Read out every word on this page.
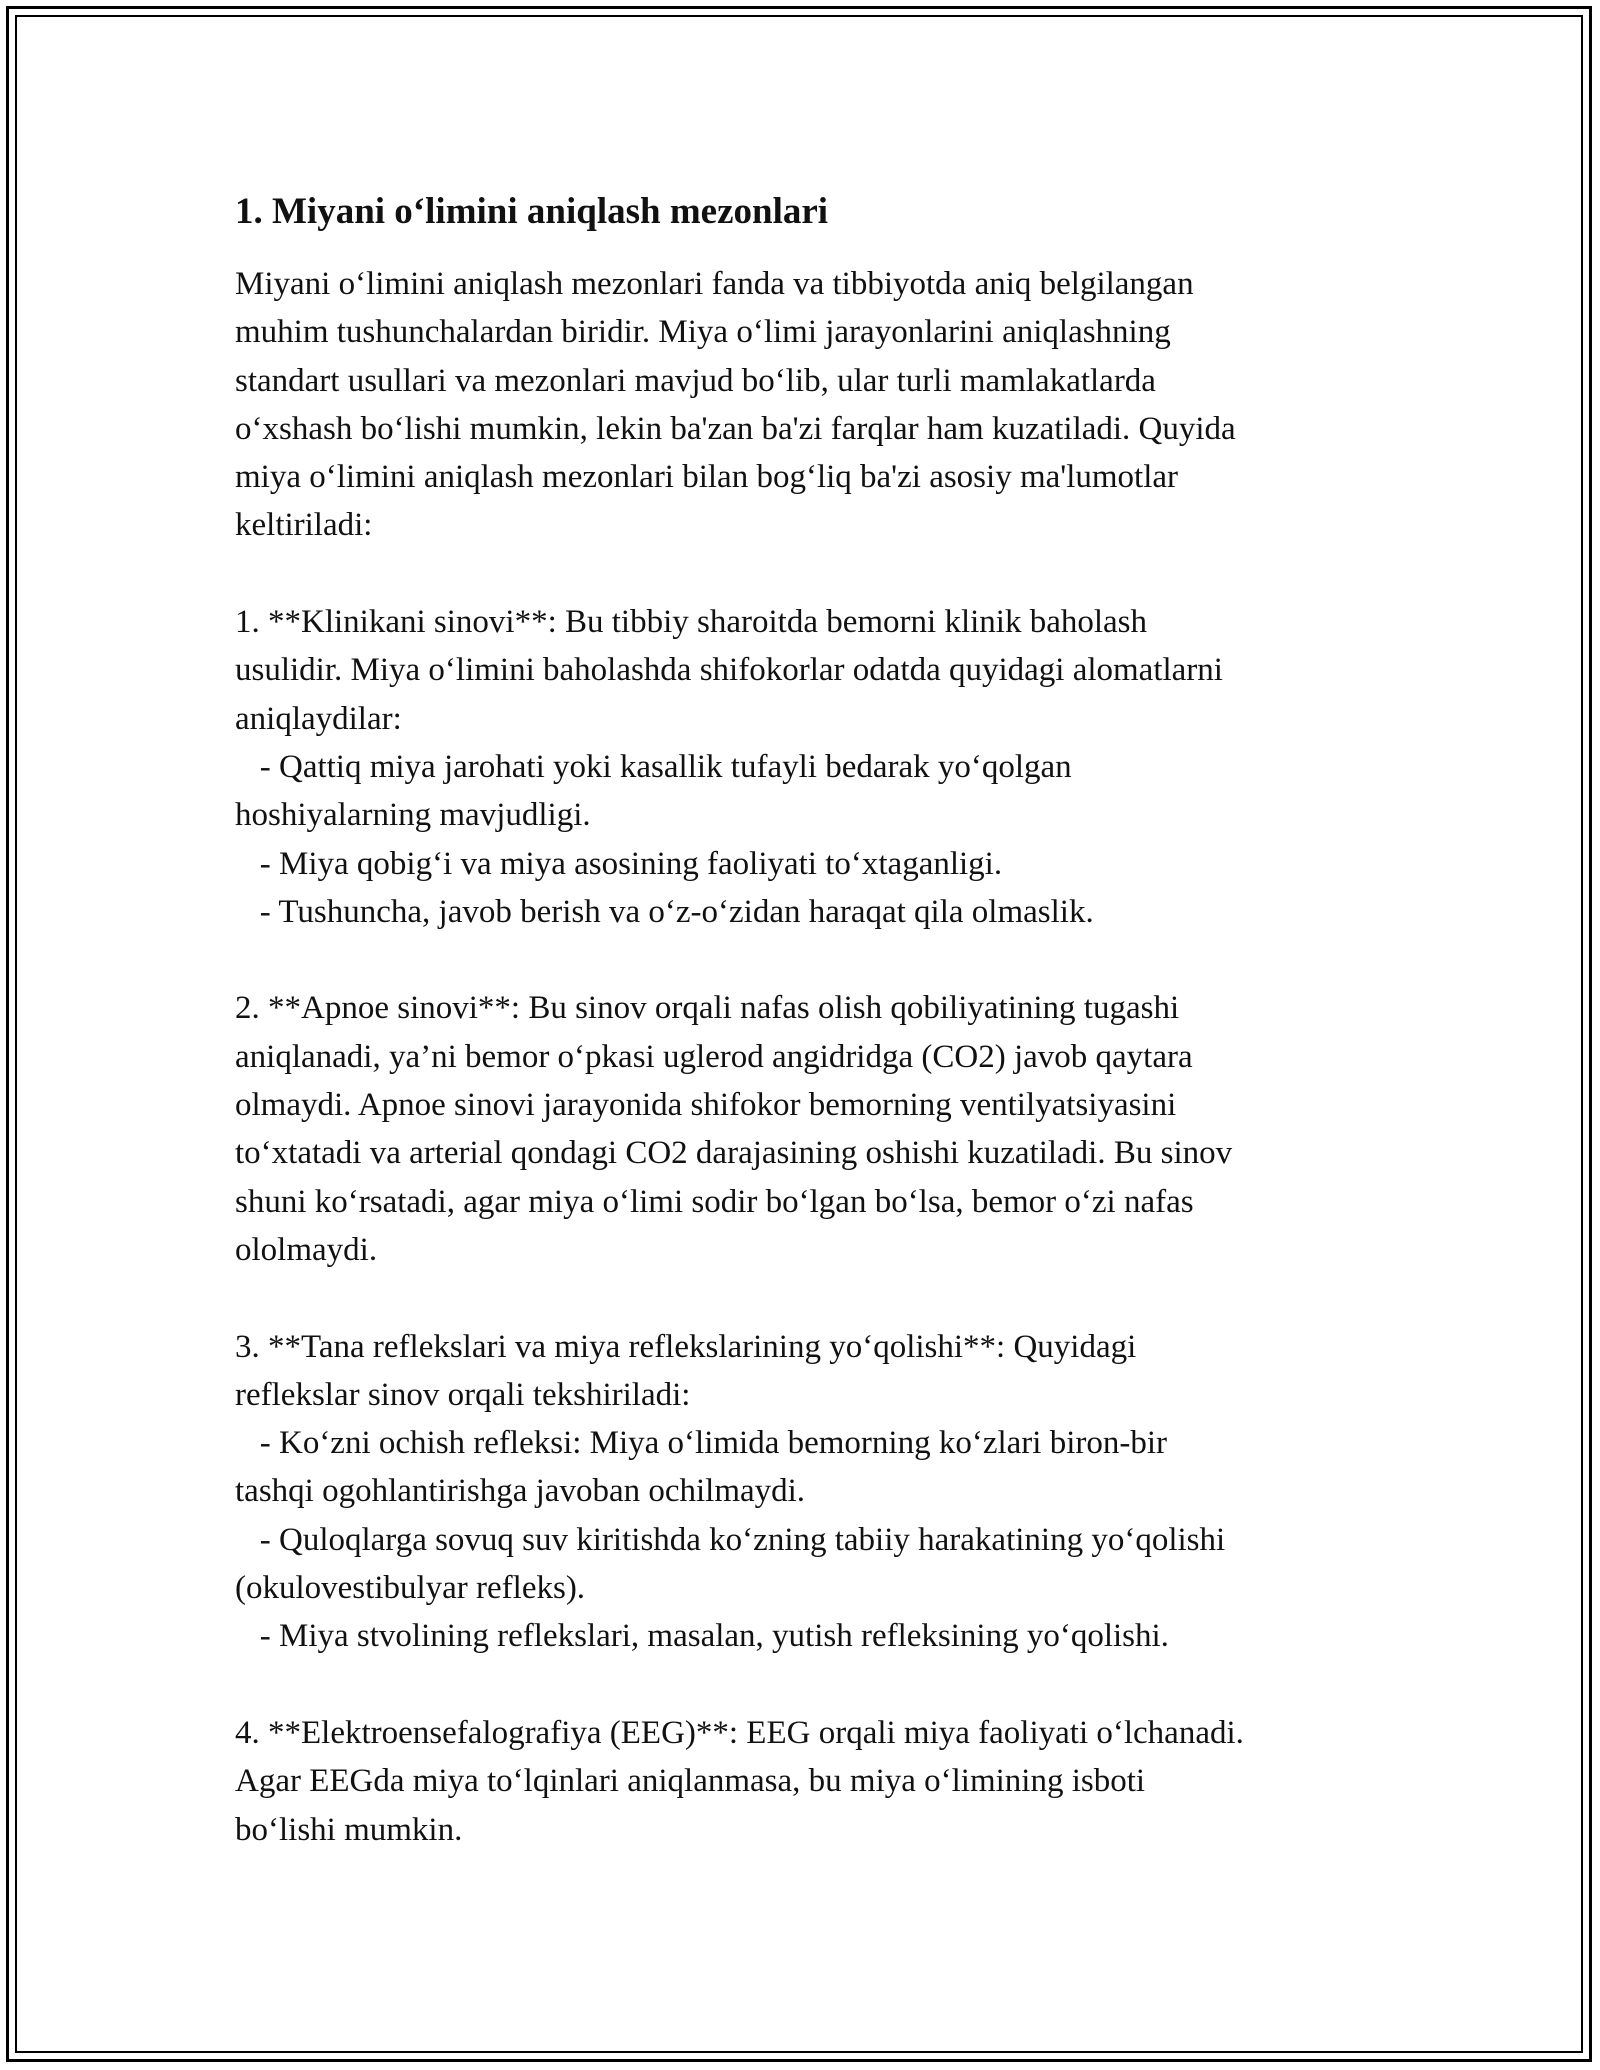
1. Miyani o‘limini aniqlash mezonlari
Miyani o‘limini aniqlash mezonlari fanda va tibbiyotda aniq belgilangan
muhim tushunchalardan biridir. Miya o‘limi jarayonlarini aniqlashning
standart usullari va mezonlari mavjud bo‘lib, ular turli mamlakatlarda
o‘xshash bo‘lishi mumkin, lekin ba'zan ba'zi farqlar ham kuzatiladi. Quyida
miya o‘limini aniqlash mezonlari bilan bog‘liq ba'zi asosiy ma'lumotlar
keltiriladi:
1. **Klinikani sinovi**: Bu tibbiy sharoitda bemorni klinik baholash
usulidir. Miya o‘limini baholashda shifokorlar odatda quyidagi alomatlarni
aniqlaydilar:
- Qattiq miya jarohati yoki kasallik tufayli bedarak yo‘qolgan
hoshiyalarning mavjudligi.
- Miya qobig‘i va miya asosining faoliyati to‘xtaganligi.
- Tushuncha, javob berish va o‘z-o‘zidan haraqat qila olmaslik.
2. **Apnoe sinovi**: Bu sinov orqali nafas olish qobiliyatining tugashi
aniqlanadi, ya’ni bemor o‘pkasi uglerod angidridga (CO2) javob qaytara
olmaydi. Apnoe sinovi jarayonida shifokor bemorning ventilyatsiyasini
to‘xtatadi va arterial qondagi CO2 darajasining oshishi kuzatiladi. Bu sinov
shuni ko‘rsatadi, agar miya o‘limi sodir bo‘lgan bo‘lsa, bemor o‘zi nafas
ololmaydi.
3. **Tana reflekslari va miya reflekslarining yo‘qolishi**: Quyidagi
reflekslar sinov orqali tekshiriladi:
- Ko‘zni ochish refleksi: Miya o‘limida bemorning ko‘zlari biron-bir
tashqi ogohlantirishga javoban ochilmaydi.
- Quloqlarga sovuq suv kiritishda ko‘zning tabiiy harakatining yo‘qolishi
(okulovestibulyar refleks).
- Miya stvolining reflekslari, masalan, yutish refleksining yo‘qolishi.
4. **Elektroensefalografiya (EEG)**: EEG orqali miya faoliyati o‘lchanadi.
Agar EEGda miya to‘lqinlari aniqlanmasa, bu miya o‘limining isboti
bo‘lishi mumkin.
